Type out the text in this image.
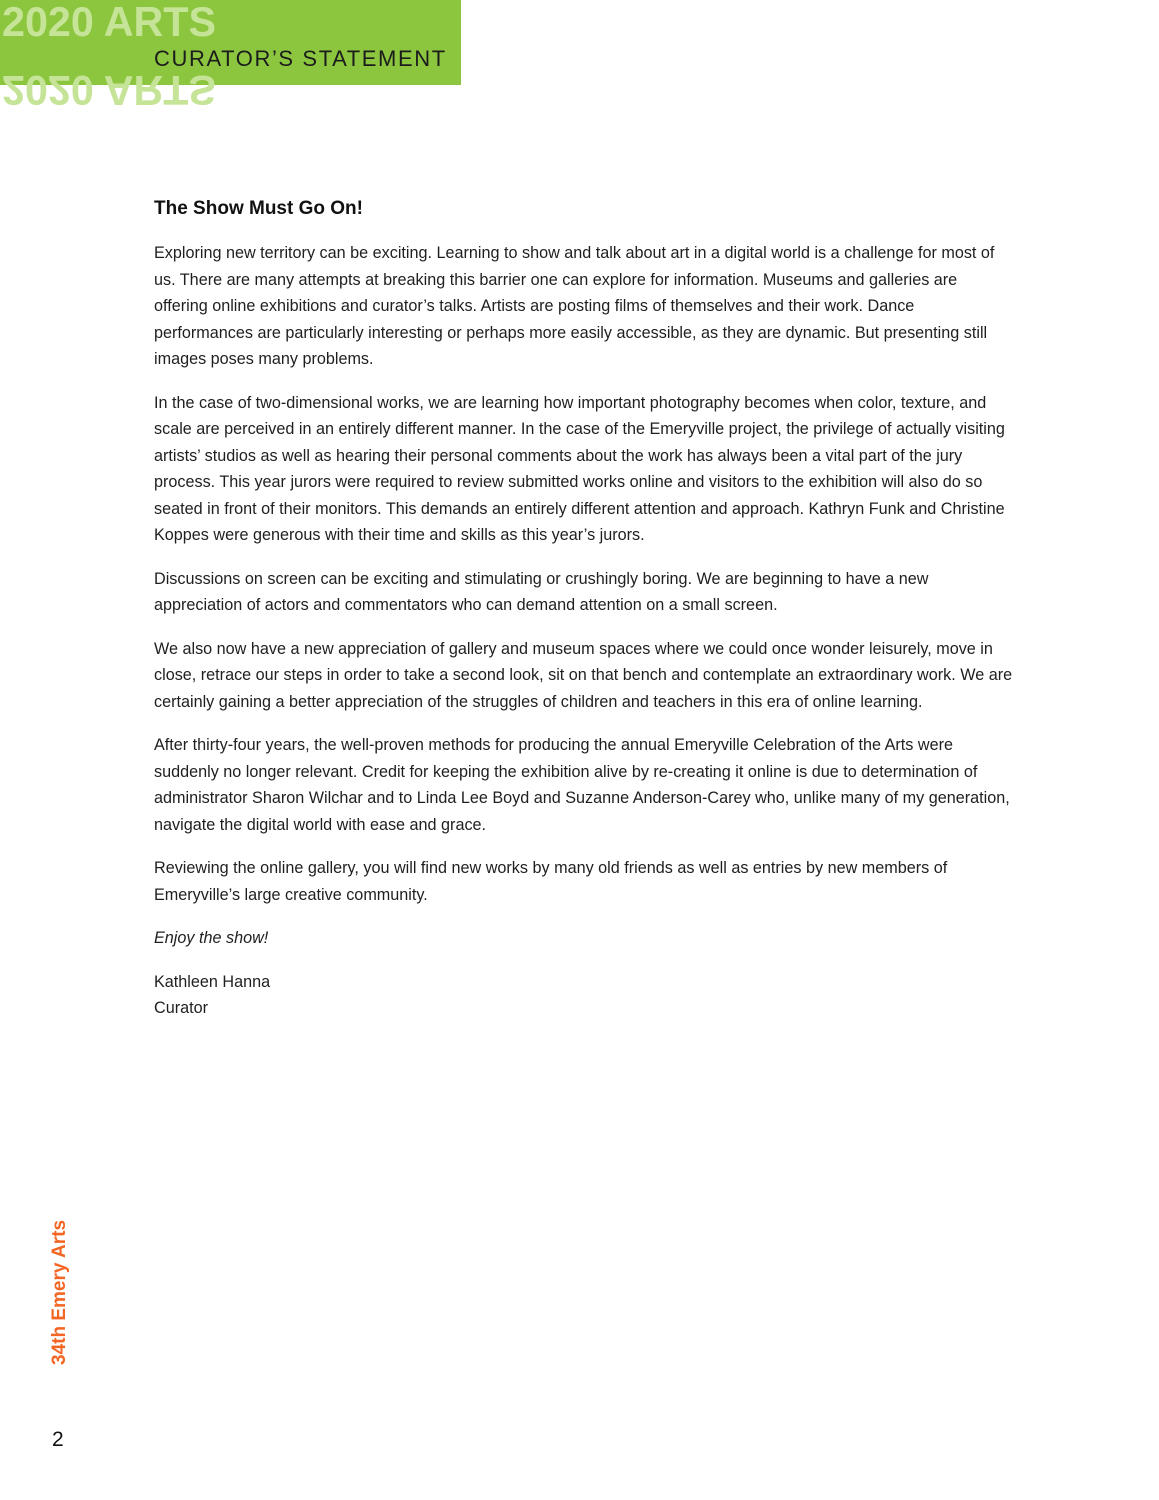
2020 ARTS
2020 ARTS
CURATOR’S STATEMENT
The Show Must Go On!

Exploring new territory can be exciting. Learning to show and talk about art in a digital world is a challenge for most of us. There are many attempts at breaking this barrier one can explore for information. Museums and galleries are offering online exhibitions and curator’s talks. Artists are posting films of themselves and their work. Dance performances are particularly interesting or perhaps more easily accessible, as they are dynamic. But presenting still images poses many problems.

In the case of two-dimensional works, we are learning how important photography becomes when color, texture, and scale are perceived in an entirely different manner. In the case of the Emeryville project, the privilege of actually visiting artists’ studios as well as hearing their personal comments about the work has always been a vital part of the jury process. This year jurors were required to review submitted works online and visitors to the exhibition will also do so seated in front of their monitors. This demands an entirely different attention and approach. Kathryn Funk and Christine Koppes were generous with their time and skills as this year’s jurors.

Discussions on screen can be exciting and stimulating or crushingly boring. We are beginning to have a new appreciation of actors and commentators who can demand attention on a small screen.

We also now have a new appreciation of gallery and museum spaces where we could once wonder leisurely, move in close, retrace our steps in order to take a second look, sit on that bench and contemplate an extraordinary work. We are certainly gaining a better appreciation of the struggles of children and teachers in this era of online learning.

After thirty-four years, the well-proven methods for producing the annual Emeryville Celebration of the Arts were suddenly no longer relevant. Credit for keeping the exhibition alive by re-creating it online is due to determination of administrator Sharon Wilchar and to Linda Lee Boyd and Suzanne Anderson-Carey who, unlike many of my generation, navigate the digital world with ease and grace.

Reviewing the online gallery, you will find new works by many old friends as well as entries by new members of Emeryville’s large creative community.

Enjoy the show!

Kathleen Hanna
Curator

34th Emery Arts
2
